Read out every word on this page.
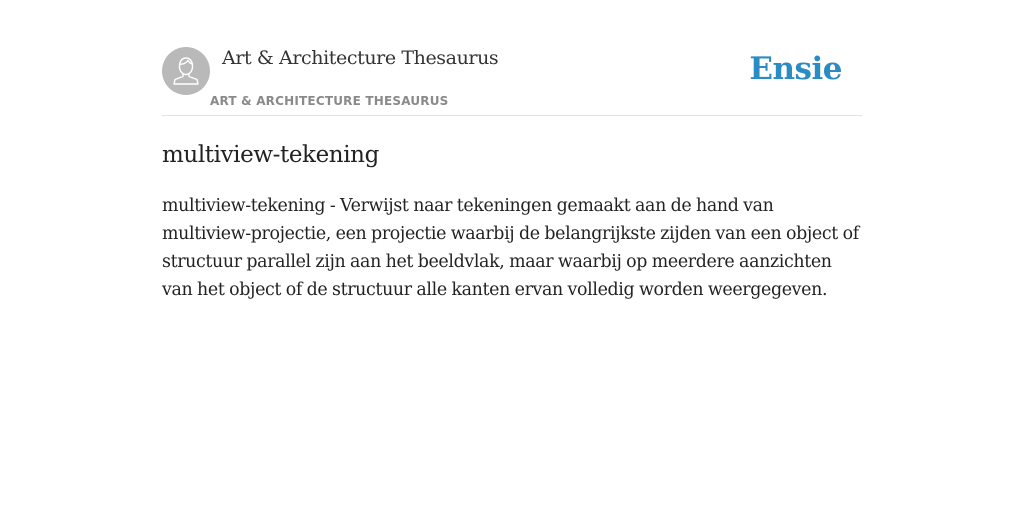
Art & Architecture Thesaurus
ART & ARCHITECTURE THESAURUS
Ensie
multiview-tekening

multiview-tekening - Verwijst naar tekeningen gemaakt aan de hand van multiview-projectie, een projectie waarbij de belangrijkste zijden van een object of structuur parallel zijn aan het beeldvlak, maar waarbij op meerdere aanzichten van het object of de structuur alle kanten ervan volledig worden weergegeven.
